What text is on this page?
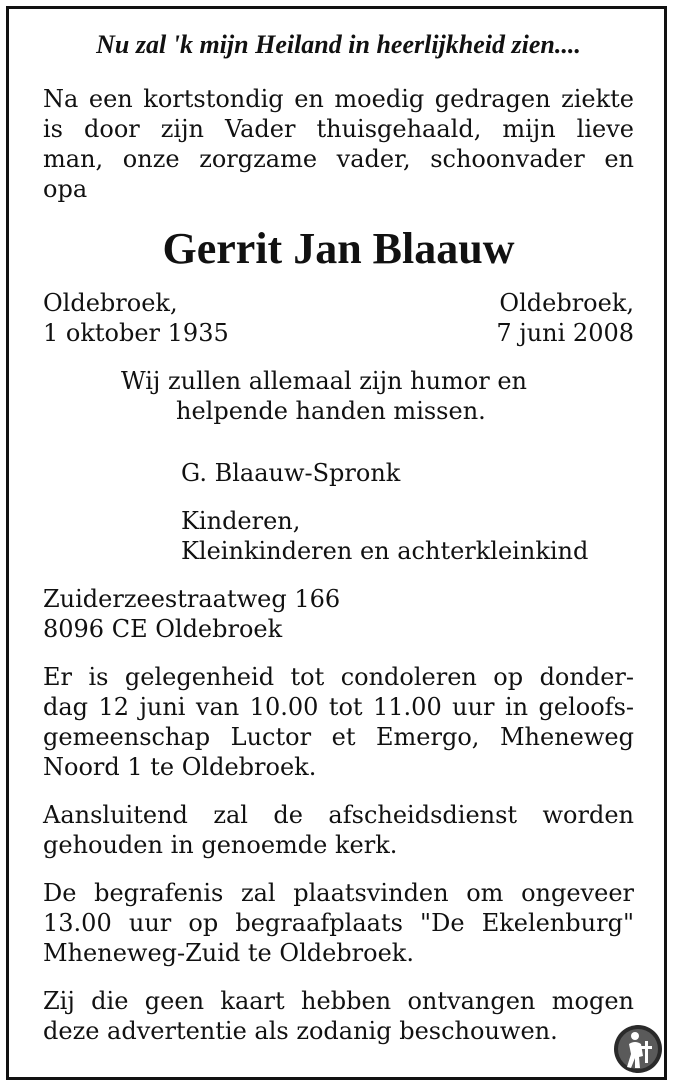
Nu zal 'k mijn Heiland in heerlijkheid zien....
Na een kortstondig en moedig gedragen ziekte
is door zijn Vader thuisgehaald, mijn lieve
man, onze zorgzame vader, schoonvader en
opa
Gerrit Jan Blaauw
Oldebroek,	Oldebroek,
1 oktober 1935	7 juni 2008
Wij zullen allemaal zijn humor en
helpende handen missen.
G. Blaauw-Spronk
Kinderen,
Kleinkinderen en achterkleinkind
Zuiderzeestraatweg 166
8096 CE Oldebroek
Er is gelegenheid tot condoleren op donder-
dag 12 juni van 10.00 tot 11.00 uur in geloofs-
gemeenschap Luctor et Emergo, Mheneweg
Noord 1 te Oldebroek.
Aansluitend zal de afscheidsdienst worden
gehouden in genoemde kerk.
De begrafenis zal plaatsvinden om ongeveer
13.00 uur op begraafplaats "De Ekelenburg"
Mheneweg-Zuid te Oldebroek.
Zij die geen kaart hebben ontvangen mogen
deze advertentie als zodanig beschouwen.
